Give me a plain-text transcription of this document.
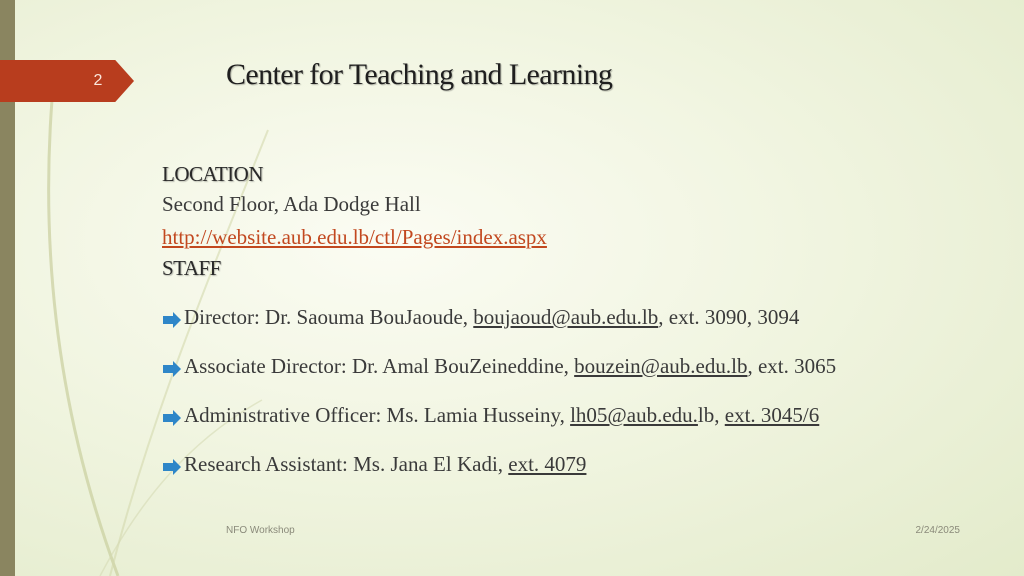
2	Center for Teaching and Learning
LOCATION
Second Floor, Ada Dodge Hall
http://website.aub.edu.lb/ctl/Pages/index.aspx
STAFF
Director: Dr. Saouma BouJaoude, boujaoud@aub.edu.lb, ext. 3090, 3094
Associate Director: Dr. Amal BouZeineddine, bouzein@aub.edu.lb, ext. 3065
Administrative Officer: Ms. Lamia Husseiny, lh05@aub.edu.lb, ext. 3045/6
Research Assistant: Ms. Jana El Kadi, ext. 4079
NFO Workshop	2/24/2025
